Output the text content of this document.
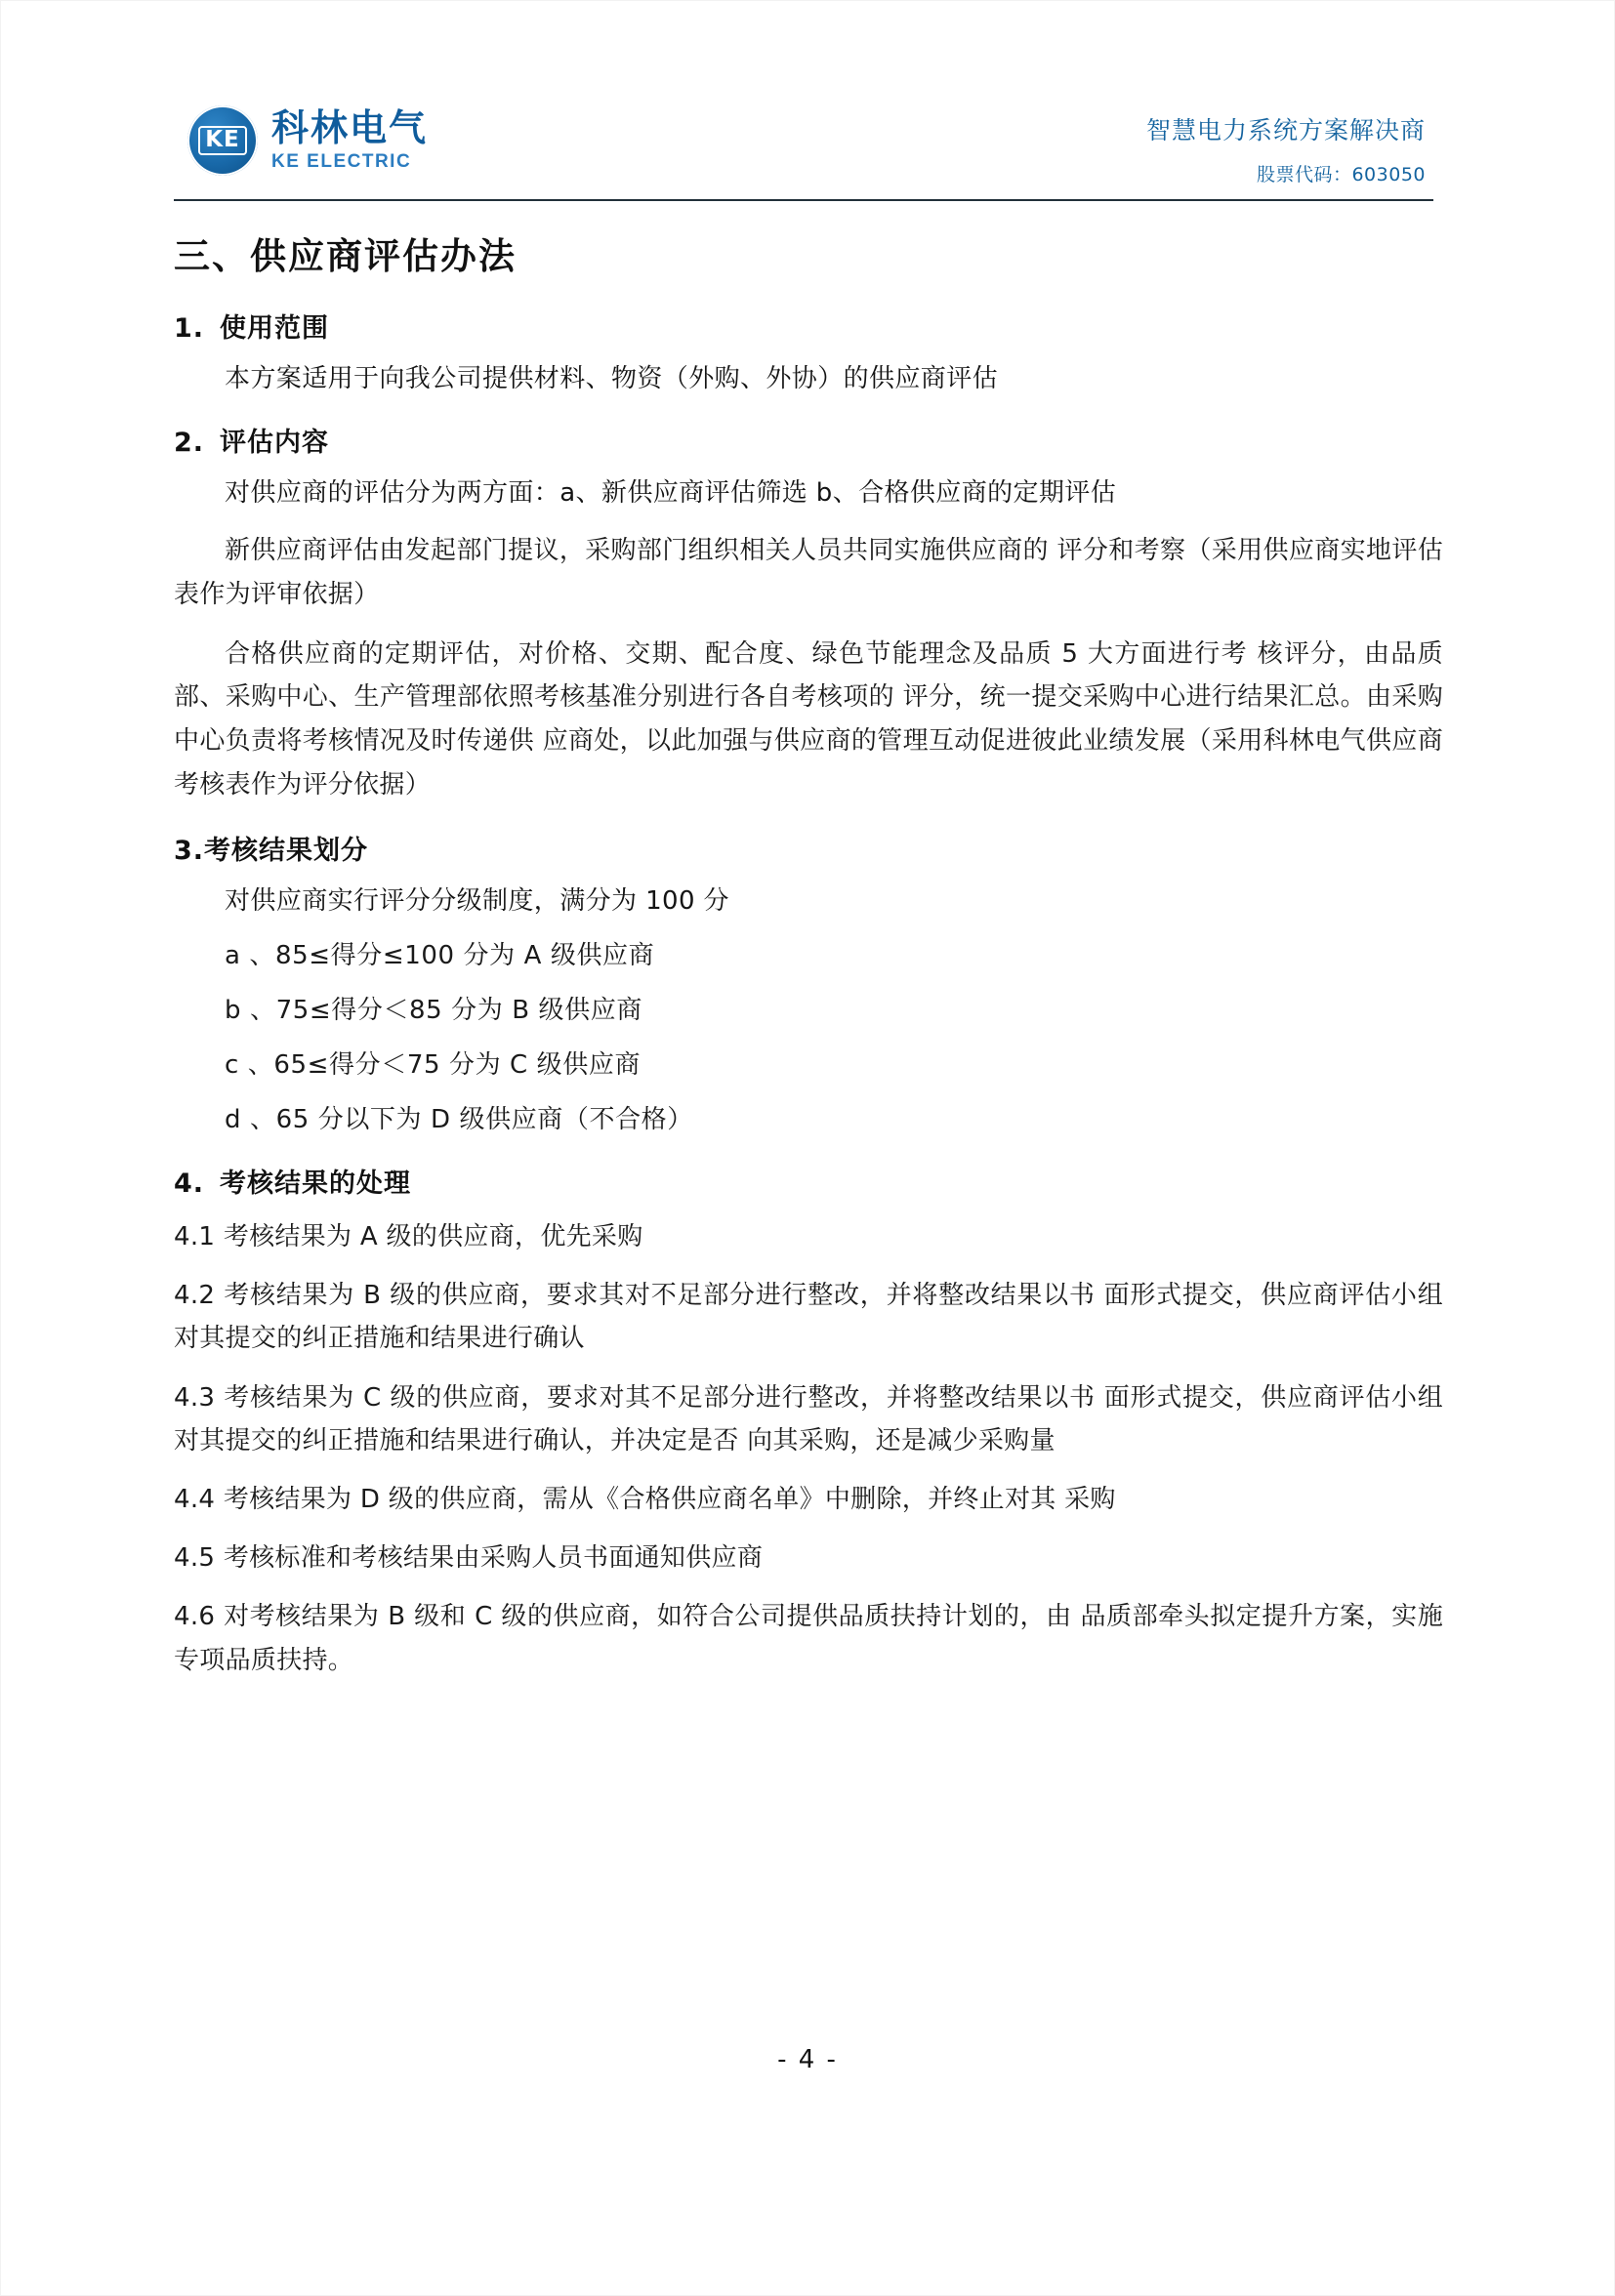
KE 科林电气
KE ELECTRIC
智慧电力系统方案解决商
股票代码：603050
三、供应商评估办法
1. 使用范围

本方案适用于向我公司提供材料、物资（外购、外协）的供应商评估

2. 评估内容

对供应商的评估分为两方面：a、新供应商评估筛选 b、合格供应商的定期评估

新供应商评估由发起部门提议，采购部门组织相关人员共同实施供应商的 评分和考察（采用供应商实地评估表作为评审依据）

合格供应商的定期评估，对价格、交期、配合度、绿色节能理念及品质 5 大方面进行考 核评分，由品质部、采购中心、生产管理部依照考核基准分别进行各自考核项的 评分，统一提交采购中心进行结果汇总。由采购中心负责将考核情况及时传递供 应商处，以此加强与供应商的管理互动促进彼此业绩发展（采用科林电气供应商 考核表作为评分依据）

3.考核结果划分

对供应商实行评分分级制度，满分为 100 分

a 、85≤得分≤100 分为 A 级供应商
b 、75≤得分＜85 分为 B 级供应商
c 、65≤得分＜75 分为 C 级供应商
d 、65 分以下为 D 级供应商（不合格）
4. 考核结果的处理

4.1 考核结果为 A 级的供应商，优先采购

4.2 考核结果为 B 级的供应商，要求其对不足部分进行整改，并将整改结果以书 面形式提交，供应商评估小组对其提交的纠正措施和结果进行确认

4.3 考核结果为 C 级的供应商，要求对其不足部分进行整改，并将整改结果以书 面形式提交，供应商评估小组对其提交的纠正措施和结果进行确认，并决定是否 向其采购，还是减少采购量

4.4 考核结果为 D 级的供应商，需从《合格供应商名单》中删除，并终止对其 采购

4.5 考核标准和考核结果由采购人员书面通知供应商

4.6 对考核结果为 B 级和 C 级的供应商，如符合公司提供品质扶持计划的，由 品质部牵头拟定提升方案，实施专项品质扶持。

- 4 -
